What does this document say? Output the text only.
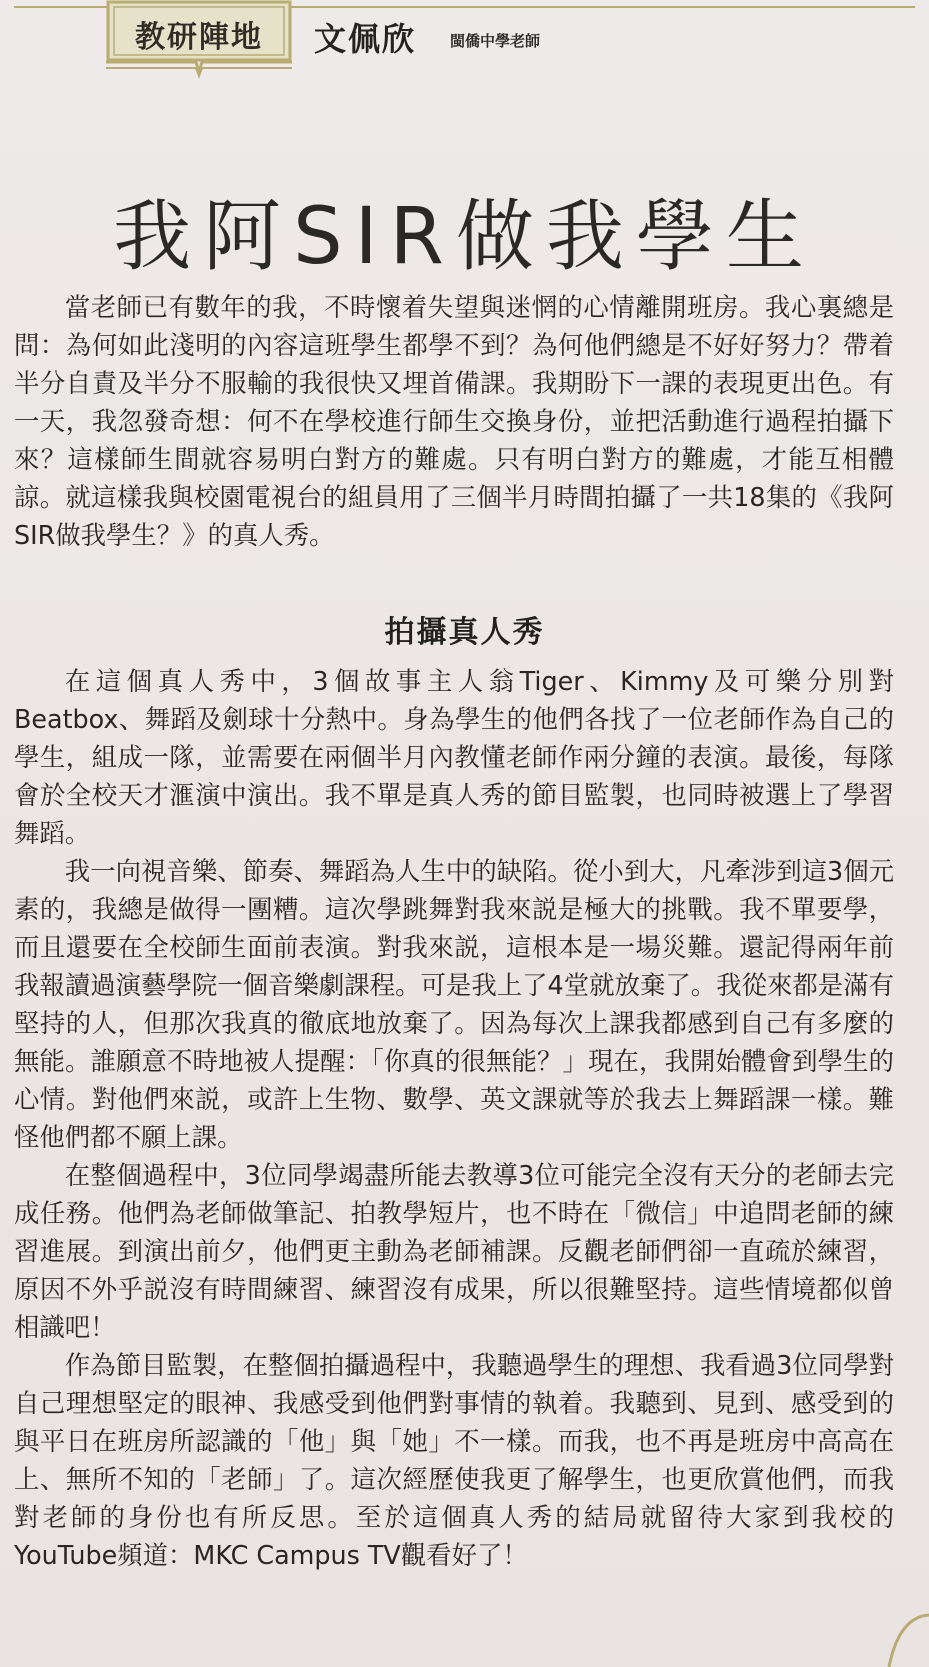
教研陣地	文佩欣 閩僑中學老師
我阿SIR做我學生

當老師已有數年的我，不時懷着失望與迷惘的心情離開班房。我心裏總是問：為何如此淺明的內容這班學生都學不到？為何他們總是不好好努力？帶着半分自責及半分不服輸的我很快又埋首備課。我期盼下一課的表現更出色。有一天，我忽發奇想：何不在學校進行師生交換身份，並把活動進行過程拍攝下來？這樣師生間就容易明白對方的難處。只有明白對方的難處，才能互相體諒。就這樣我與校園電視台的組員用了三個半月時間拍攝了一共18集的《我阿SIR做我學生？》的真人秀。

拍攝真人秀

在這個真人秀中，3個故事主人翁Tiger、Kimmy及可樂分別對Beatbox、舞蹈及劍球十分熱中。身為學生的他們各找了一位老師作為自己的學生，組成一隊，並需要在兩個半月內教懂老師作兩分鐘的表演。最後，每隊會於全校天才滙演中演出。我不單是真人秀的節目監製，也同時被選上了學習舞蹈。

我一向視音樂、節奏、舞蹈為人生中的缺陷。從小到大，凡牽涉到這3個元素的，我總是做得一團糟。這次學跳舞對我來説是極大的挑戰。我不單要學，而且還要在全校師生面前表演。對我來説，這根本是一場災難。還記得兩年前我報讀過演藝學院一個音樂劇課程。可是我上了4堂就放棄了。我從來都是滿有堅持的人，但那次我真的徹底地放棄了。因為每次上課我都感到自己有多麼的無能。誰願意不時地被人提醒：「你真的很無能？」現在，我開始體會到學生的心情。對他們來説，或許上生物、數學、英文課就等於我去上舞蹈課一樣。難怪他們都不願上課。

在整個過程中，3位同學竭盡所能去教導3位可能完全沒有天分的老師去完成任務。他們為老師做筆記、拍教學短片，也不時在「微信」中追問老師的練習進展。到演出前夕，他們更主動為老師補課。反觀老師們卻一直疏於練習，原因不外乎説沒有時間練習、練習沒有成果，所以很難堅持。這些情境都似曾相識吧！

作為節目監製，在整個拍攝過程中，我聽過學生的理想、我看過3位同學對自己理想堅定的眼神、我感受到他們對事情的執着。我聽到、見到、感受到的與平日在班房所認識的「他」與「她」不一樣。而我，也不再是班房中高高在上、無所不知的「老師」了。這次經歷使我更了解學生，也更欣賞他們，而我對老師的身份也有所反思。至於這個真人秀的結局就留待大家到我校的YouTube頻道：MKC Campus TV觀看好了！
